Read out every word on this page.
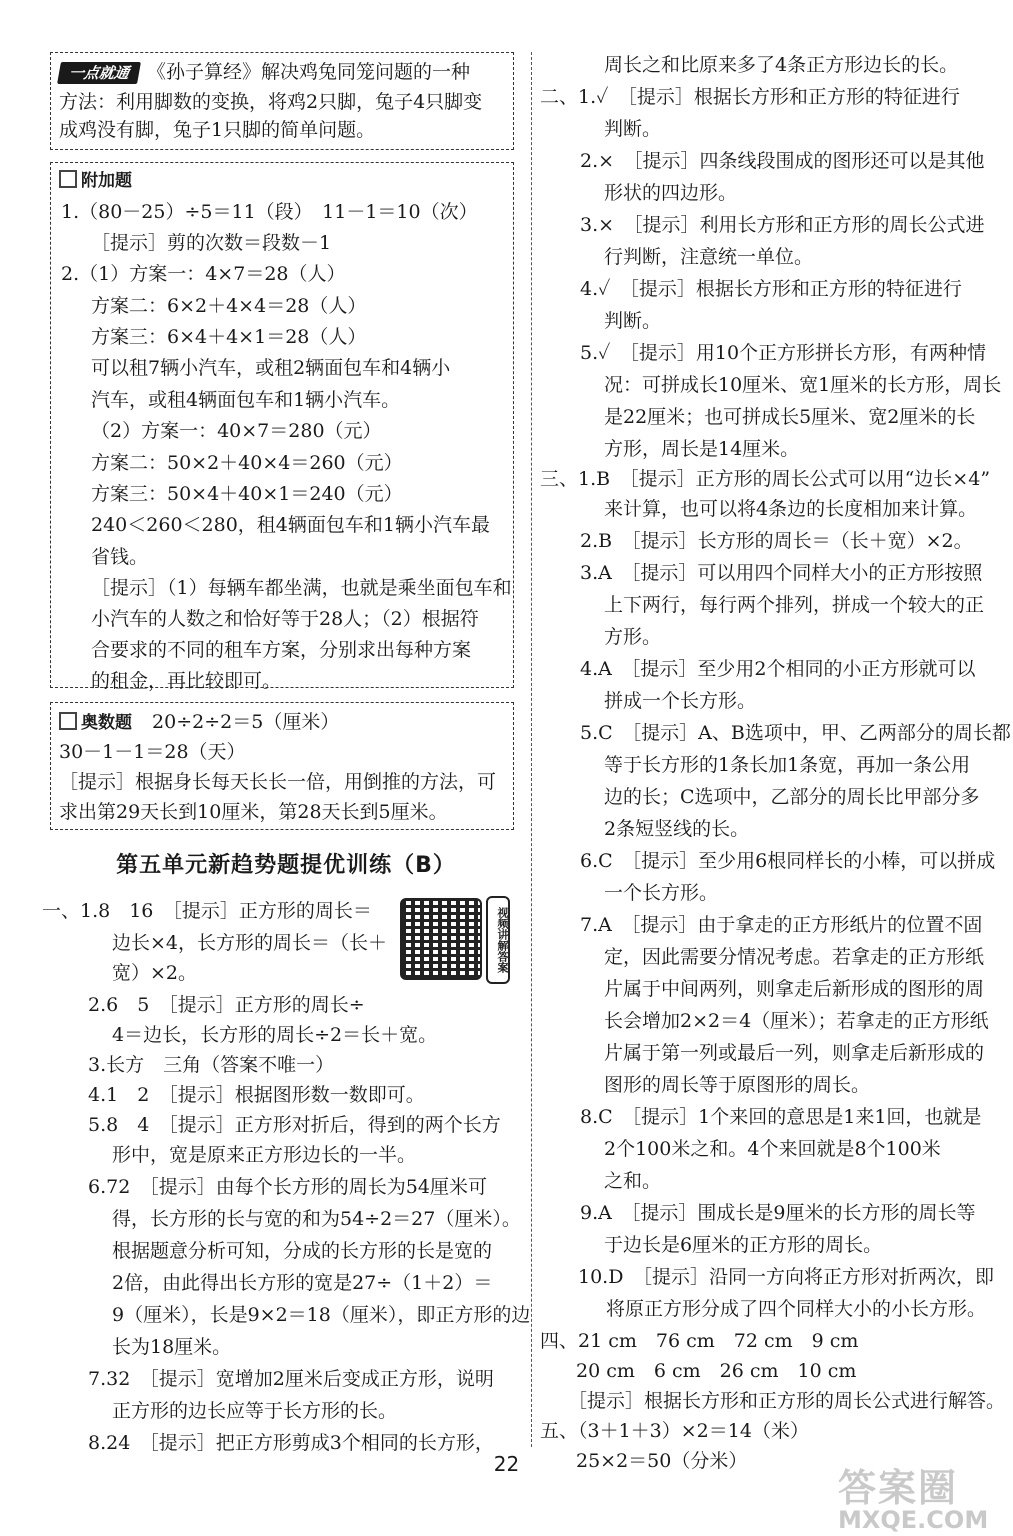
一点就通 《孙子算经》解决鸡兔同笼问题的一种
方法：利用脚数的变换，将鸡2只脚，兔子4只脚变
成鸡没有脚，兔子1只脚的简单问题。
附加题
1.（80－25）÷5＝11（段）　11－1＝10（次）
［提示］剪的次数＝段数－1
2.（1）方案一：4×7＝28（人）
方案二：6×2＋4×4＝28（人）
方案三：6×4＋4×1＝28（人）
可以租7辆小汽车，或租2辆面包车和4辆小
汽车，或租4辆面包车和1辆小汽车。
（2）方案一：40×7＝280（元）
方案二：50×2＋40×4＝260（元）
方案三：50×4＋40×1＝240（元）
240＜260＜280，租4辆面包车和1辆小汽车最
省钱。
［提示］（1）每辆车都坐满，也就是乘坐面包车和
小汽车的人数之和恰好等于28人；（2）根据符
合要求的不同的租车方案，分别求出每种方案
的租金，再比较即可。
奥数题 20÷2÷2＝5（厘米）
30－1－1＝28（天）
［提示］根据身长每天长长一倍，用倒推的方法，可
求出第29天长到10厘米，第28天长到5厘米。
第五单元新趋势题提优训练（B）
视频讲解答案
一、1.8　16　［提示］正方形的周长＝
边长×4，长方形的周长＝（长＋
宽）×2。
2.6　5　［提示］正方形的周长÷
4＝边长，长方形的周长÷2＝长＋宽。
3.长方　三角（答案不唯一）
4.1　2　［提示］根据图形数一数即可。
5.8　4　［提示］正方形对折后，得到的两个长方
形中，宽是原来正方形边长的一半。
6.72　［提示］由每个长方形的周长为54厘米可
得，长方形的长与宽的和为54÷2＝27（厘米）。
根据题意分析可知，分成的长方形的长是宽的
2倍，由此得出长方形的宽是27÷（1＋2）＝
9（厘米），长是9×2＝18（厘米），即正方形的边
长为18厘米。
7.32　［提示］宽增加2厘米后变成正方形，说明
正方形的边长应等于长方形的长。
8.24　［提示］把正方形剪成3个相同的长方形，
周长之和比原来多了4条正方形边长的长。
二、1.✓　［提示］根据长方形和正方形的特征进行
判断。
2.×　［提示］四条线段围成的图形还可以是其他
形状的四边形。
3.×　［提示］利用长方形和正方形的周长公式进
行判断，注意统一单位。
4.✓　［提示］根据长方形和正方形的特征进行
判断。
5.✓　［提示］用10个正方形拼长方形，有两种情
况：可拼成长10厘米、宽1厘米的长方形，周长
是22厘米；也可拼成长5厘米、宽2厘米的长
方形，周长是14厘米。
三、1.B　［提示］正方形的周长公式可以用“边长×4”
来计算，也可以将4条边的长度相加来计算。
2.B　［提示］长方形的周长＝（长＋宽）×2。
3.A　［提示］可以用四个同样大小的正方形按照
上下两行，每行两个排列，拼成一个较大的正
方形。
4.A　［提示］至少用2个相同的小正方形就可以
拼成一个长方形。
5.C　［提示］A、B选项中，甲、乙两部分的周长都
等于长方形的1条长加1条宽，再加一条公用
边的长；C选项中，乙部分的周长比甲部分多
2条短竖线的长。
6.C　［提示］至少用6根同样长的小棒，可以拼成
一个长方形。
7.A　［提示］由于拿走的正方形纸片的位置不固
定，因此需要分情况考虑。若拿走的正方形纸
片属于中间两列，则拿走后新形成的图形的周
长会增加2×2＝4（厘米）；若拿走的正方形纸
片属于第一列或最后一列，则拿走后新形成的
图形的周长等于原图形的周长。
8.C　［提示］1个来回的意思是1来1回，也就是
2个100米之和。4个来回就是8个100米
之和。
9.A　［提示］围成长是9厘米的长方形的周长等
于边长是6厘米的正方形的周长。
10.D　［提示］沿同一方向将正方形对折两次，即
将原正方形分成了四个同样大小的小长方形。
四、21 cm　76 cm　72 cm　9 cm
20 cm　6 cm　26 cm　10 cm
［提示］根据长方形和正方形的周长公式进行解答。
五、（3＋1＋3）×2＝14（米）
25×2＝50（分米）
22
答案圈
MXQE.COM
